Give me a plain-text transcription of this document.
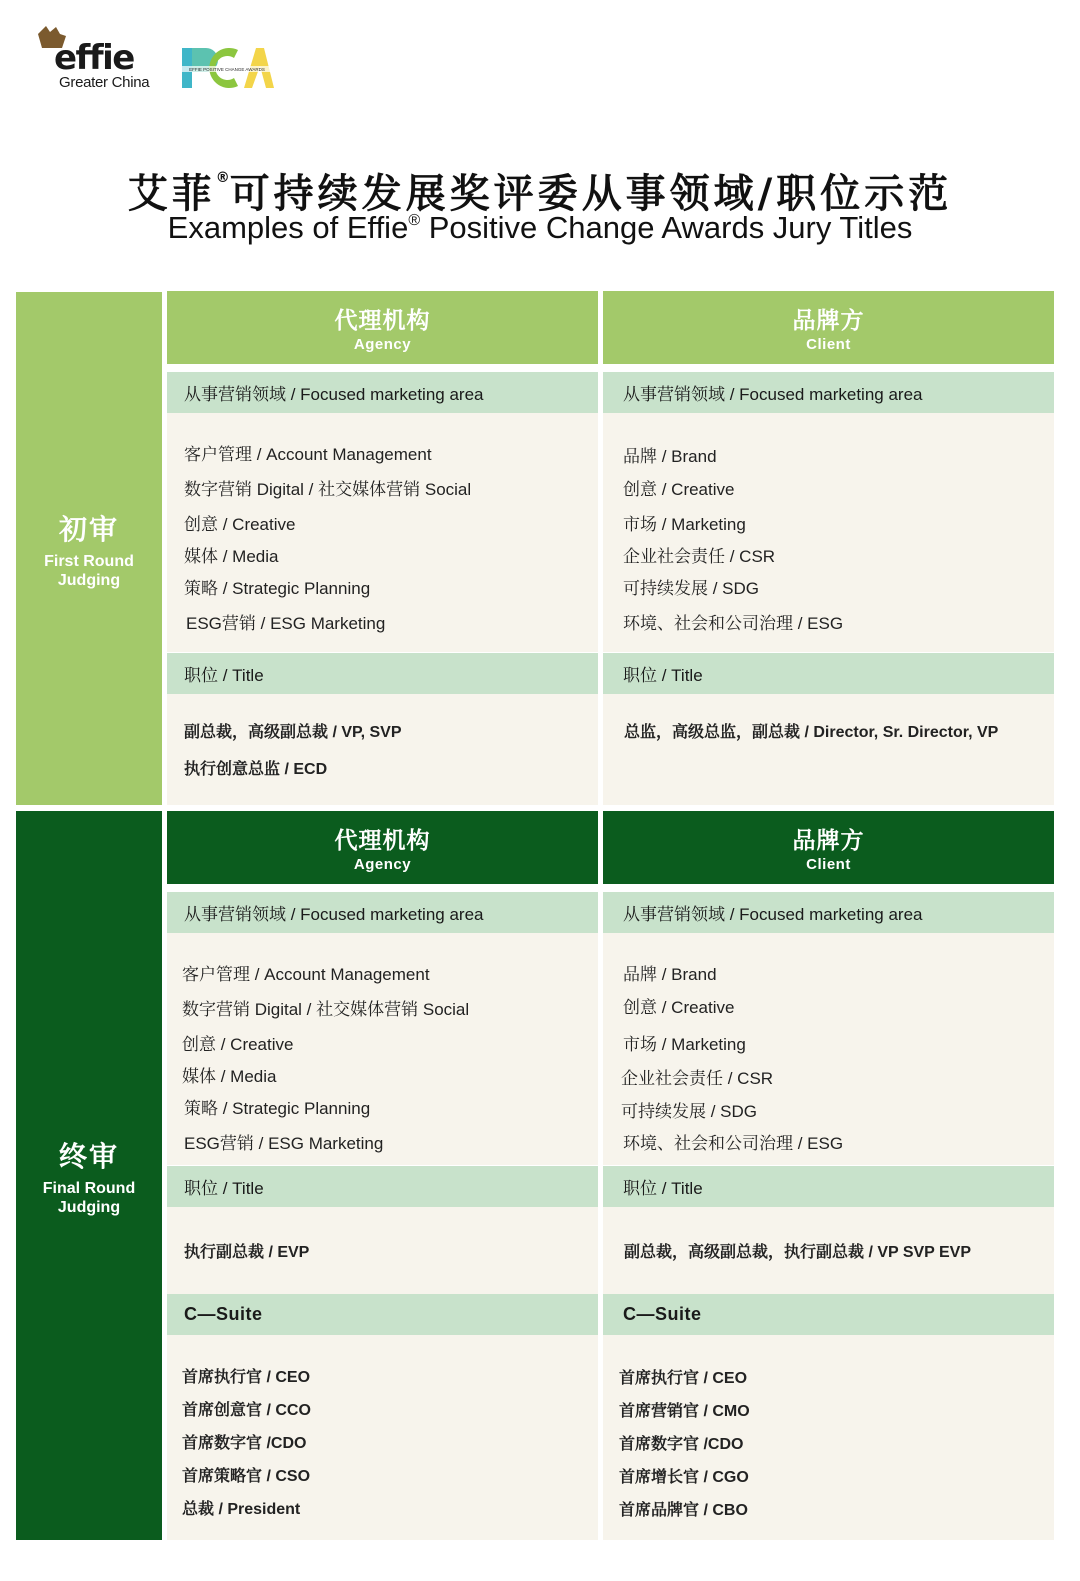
effie
Greater China
EFFIE POSITIVE CHANGE AWARDS
艾菲®可持续发展奖评委从事领域/职位示范
Examples of Effie® Positive Change Awards Jury Titles
初审
First Round
Judging
代理机构
Agency
从事营销领域 / Focused marketing area
客户管理 / Account Management
数字营销 Digital / 社交媒体营销 Social
创意 / Creative
媒体 / Media
策略 / Strategic Planning
ESG营销 / ESG Marketing
职位 / Title
副总裁，高级副总裁 / VP, SVP
执行创意总监 / ECD
品牌方
Client
从事营销领域 / Focused marketing area
品牌 / Brand
创意 / Creative
市场 / Marketing
企业社会责任 / CSR
可持续发展 / SDG
环境、社会和公司治理 / ESG
职位 / Title
总监，高级总监，副总裁 / Director, Sr. Director, VP
终审
Final Round
Judging
代理机构
Agency
从事营销领域 / Focused marketing area
客户管理 / Account Management
数字营销 Digital / 社交媒体营销 Social
创意 / Creative
媒体 / Media
策略 / Strategic Planning
ESG营销 / ESG Marketing
职位 / Title
执行副总裁 / EVP
C—Suite
首席执行官 / CEO
首席创意官 / CCO
首席数字官 /CDO
首席策略官 / CSO
总裁 / President
品牌方
Client
从事营销领域 / Focused marketing area
品牌 / Brand
创意 / Creative
市场 / Marketing
企业社会责任 / CSR
可持续发展 / SDG
环境、社会和公司治理 / ESG
职位 / Title
副总裁，高级副总裁，执行副总裁 / VP SVP EVP
C—Suite
首席执行官 / CEO
首席营销官 / CMO
首席数字官 /CDO
首席增长官 / CGO
首席品牌官 / CBO
